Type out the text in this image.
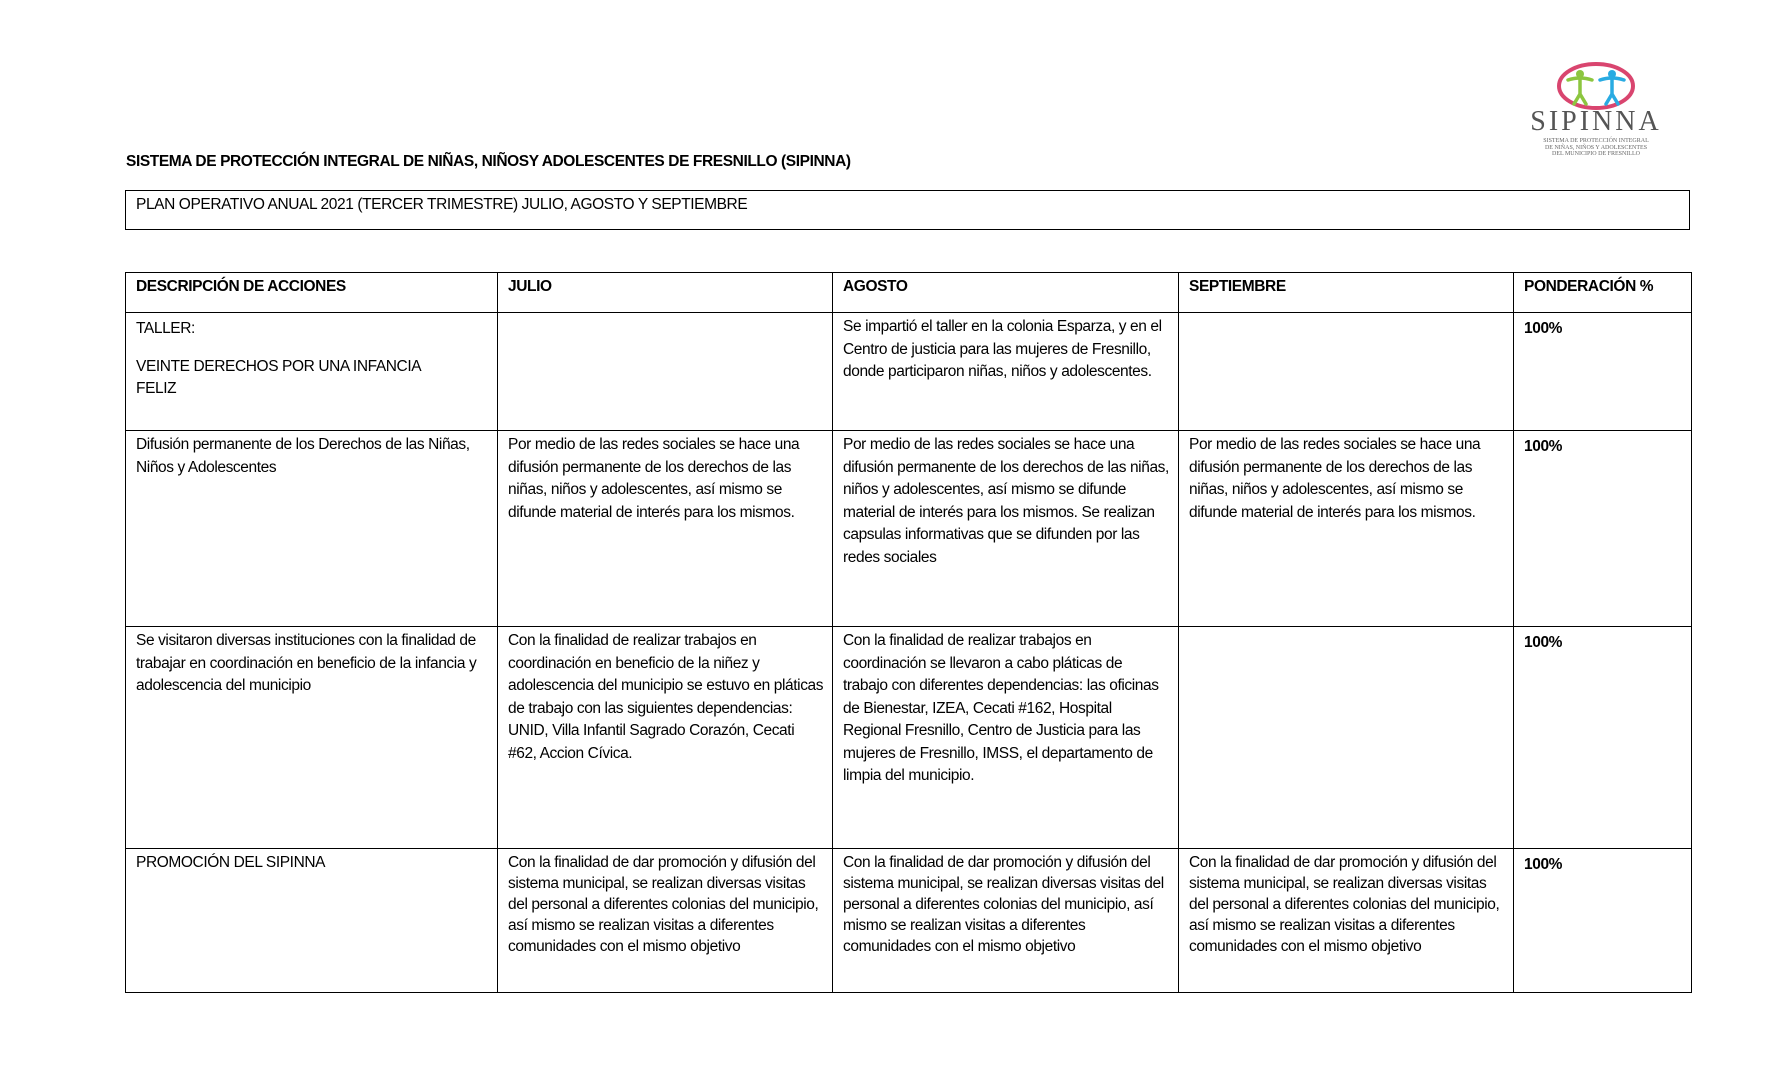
SIPINNA
SISTEMA DE PROTECCIÓN INTEGRAL
DE NIÑAS, NIÑOS Y ADOLESCENTES
DEL MUNICIPIO DE FRESNILLO
SISTEMA DE PROTECCIÓN INTEGRAL DE NIÑAS, NIÑOSY ADOLESCENTES DE FRESNILLO (SIPINNA)
PLAN OPERATIVO ANUAL 2021 (TERCER TRIMESTRE) JULIO, AGOSTO Y SEPTIEMBRE
DESCRIPCIÓN DE ACCIONES	JULIO	AGOSTO	SEPTIEMBRE	PONDERACIÓN %
TALLER:
VEINTE DERECHOS POR UNA INFANCIA FELIZ		Se impartió el taller en la colonia Esparza, y en el Centro de justicia para las mujeres de Fresnillo, donde participaron niñas, niños y adolescentes.		100%
Difusión permanente de los Derechos de las Niñas, Niños y Adolescentes	Por medio de las redes sociales se hace una difusión permanente de los derechos de las niñas, niños y adolescentes, así mismo se difunde material de interés para los mismos.	Por medio de las redes sociales se hace una difusión permanente de los derechos de las niñas, niños y adolescentes, así mismo se difunde material de interés para los mismos. Se realizan capsulas informativas que se difunden por las redes sociales	Por medio de las redes sociales se hace una difusión permanente de los derechos de las niñas, niños y adolescentes, así mismo se difunde material de interés para los mismos.	100%
Se visitaron diversas instituciones con la finalidad de trabajar en coordinación en beneficio de la infancia y adolescencia del municipio	Con la finalidad de realizar trabajos en coordinación en beneficio de la niñez y adolescencia del municipio se estuvo en pláticas de trabajo con las siguientes dependencias: UNID, Villa Infantil Sagrado Corazón, Cecati #62, Accion Cívica.	Con la finalidad de realizar trabajos en coordinación se llevaron a cabo pláticas de trabajo con diferentes dependencias: las oficinas de Bienestar, IZEA, Cecati #162, Hospital Regional Fresnillo, Centro de Justicia para las mujeres de Fresnillo, IMSS, el departamento de limpia del municipio.		100%
PROMOCIÓN DEL SIPINNA	Con la finalidad de dar promoción y difusión del sistema municipal, se realizan diversas visitas del personal a diferentes colonias del municipio, así mismo se realizan visitas a diferentes comunidades con el mismo objetivo	Con la finalidad de dar promoción y difusión del sistema municipal, se realizan diversas visitas del personal a diferentes colonias del municipio, así mismo se realizan visitas a diferentes comunidades con el mismo objetivo	Con la finalidad de dar promoción y difusión del sistema municipal, se realizan diversas visitas del personal a diferentes colonias del municipio, así mismo se realizan visitas a diferentes comunidades con el mismo objetivo	100%
